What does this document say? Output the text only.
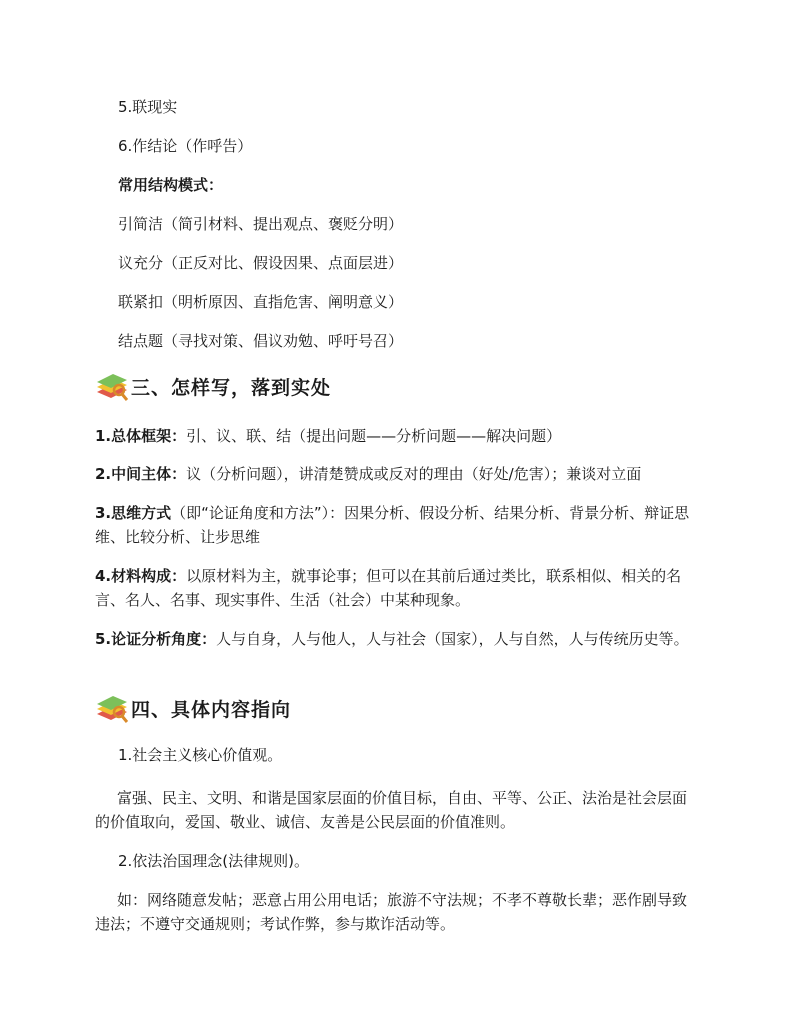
5.联现实
6.作结论（作呼告）
常用结构模式：
引简洁（简引材料、提出观点、褒贬分明）
议充分（正反对比、假设因果、点面层进）
联紧扣（明析原因、直指危害、阐明意义）
结点题（寻找对策、倡议劝勉、呼吁号召）
三、怎样写，落到实处
1.总体框架：引、议、联、结（提出问题——分析问题——解决问题）
2.中间主体：议（分析问题），讲清楚赞成或反对的理由（好处/危害）；兼谈对立面
3.思维方式（即“论证角度和方法”）：因果分析、假设分析、结果分析、背景分析、辩证思维、比较分析、让步思维
4.材料构成：以原材料为主，就事论事；但可以在其前后通过类比，联系相似、相关的名言、名人、名事、现实事件、生活（社会）中某种现象。
5.论证分析角度：人与自身，人与他人，人与社会（国家），人与自然，人与传统历史等。
四、具体内容指向
1.社会主义核心价值观。
富强、民主、文明、和谐是国家层面的价值目标，自由、平等、公正、法治是社会层面的价值取向，爱国、敬业、诚信、友善是公民层面的价值准则。
2.依法治国理念(法律规则)。
如：网络随意发帖；恶意占用公用电话；旅游不守法规；不孝不尊敬长辈；恶作剧导致违法；不遵守交通规则；考试作弊，参与欺诈活动等。
